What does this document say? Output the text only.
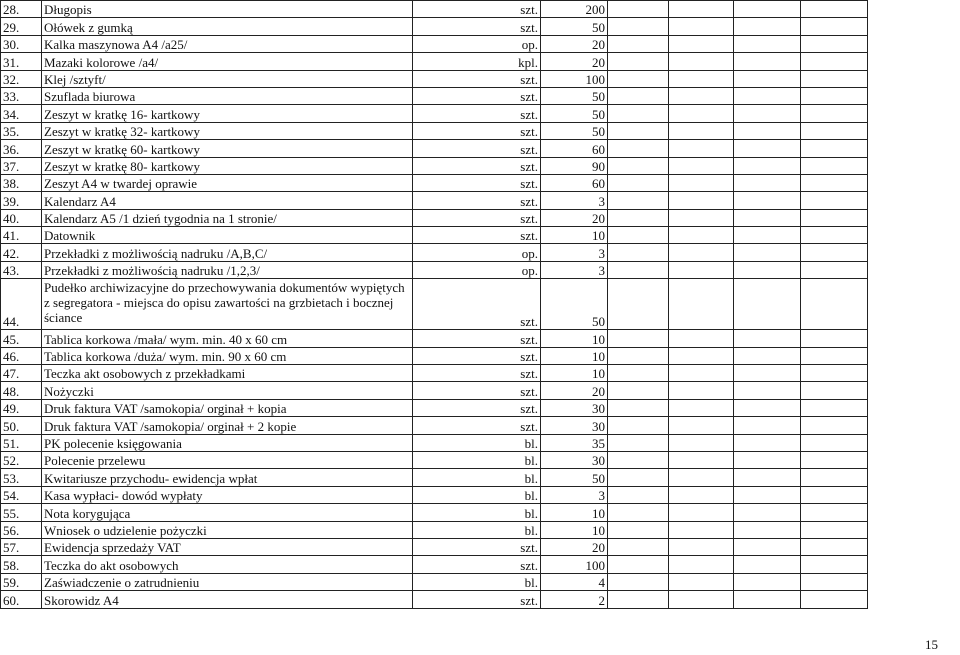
28.	Długopis	szt.	200				
29.	Ołówek z gumką	szt.	50				
30.	Kalka maszynowa A4 /a25/	op.	20				
31.	Mazaki kolorowe /a4/	kpl.	20				
32.	Klej /sztyft/	szt.	100				
33.	Szuflada biurowa	szt.	50				
34.	Zeszyt w kratkę 16- kartkowy	szt.	50				
35.	Zeszyt w kratkę 32- kartkowy	szt.	50				
36.	Zeszyt w kratkę 60- kartkowy	szt.	60				
37.	Zeszyt w kratkę 80- kartkowy	szt.	90				
38.	Zeszyt A4 w twardej oprawie	szt.	60				
39.	Kalendarz A4	szt.	3				
40.	Kalendarz A5 /1 dzień tygodnia na 1 stronie/	szt.	20				
41.	Datownik	szt.	10				
42.	Przekładki z możliwością nadruku /A,B,C/	op.	3				
43.	Przekładki z możliwością nadruku /1,2,3/	op.	3				
44.	Pudełko archiwizacyjne do przechowywania dokumentów wypiętych z segregatora - miejsca do opisu zawartości na grzbietach i bocznej ściance	szt.	50				
45.	Tablica korkowa /mała/ wym. min. 40 x 60 cm	szt.	10				
46.	Tablica korkowa /duża/ wym. min. 90 x 60 cm	szt.	10				
47.	Teczka akt osobowych z przekładkami	szt.	10				
48.	Nożyczki	szt.	20				
49.	Druk faktura VAT /samokopia/ orginał + kopia	szt.	30				
50.	Druk faktura VAT /samokopia/ orginał + 2 kopie	szt.	30				
51.	PK polecenie księgowania	bl.	35				
52.	Polecenie przelewu	bl.	30				
53.	Kwitariusze przychodu- ewidencja wpłat	bl.	50				
54.	Kasa wypłaci- dowód wypłaty	bl.	3				
55.	Nota korygująca	bl.	10				
56.	Wniosek o udzielenie pożyczki	bl.	10				
57.	Ewidencja sprzedaży VAT	szt.	20				
58.	Teczka do akt osobowych	szt.	100				
59.	Zaświadczenie o zatrudnieniu	bl.	4				
60.	Skorowidz A4	szt.	2				
15
